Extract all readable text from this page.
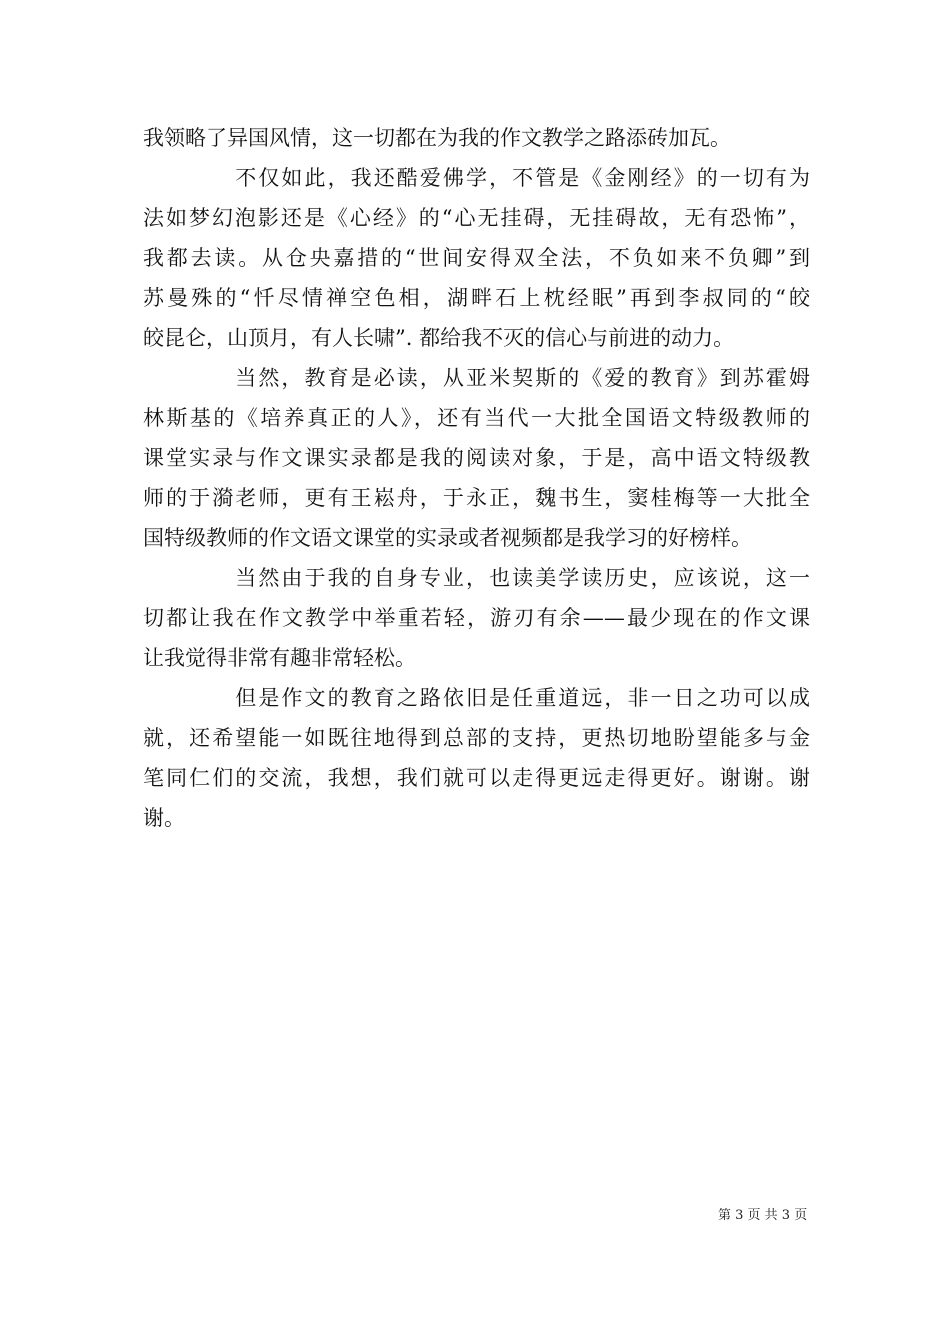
我领略了异国风情，这一切都在为我的作文教学之路添砖加瓦。
　　　　不仅如此，我还酷爱佛学，不管是《金刚经》的一切有为
法如梦幻泡影还是《心经》的“心无挂碍，无挂碍故，无有恐怖”，
我都去读。从仓央嘉措的“世间安得双全法，不负如来不负卿”到
苏曼殊的“忏尽情禅空色相，湖畔石上枕经眠”再到李叔同的“皎
皎昆仑，山顶月，有人长啸”. 都给我不灭的信心与前进的动力。
　　　　当然，教育是必读，从亚米契斯的《爱的教育》到苏霍姆
林斯基的《培养真正的人》，还有当代一大批全国语文特级教师的
课堂实录与作文课实录都是我的阅读对象，于是，高中语文特级教
师的于漪老师，更有王崧舟，于永正，魏书生，窦桂梅等一大批全
国特级教师的作文语文课堂的实录或者视频都是我学习的好榜样。
　　　　当然由于我的自身专业，也读美学读历史，应该说，这一
切都让我在作文教学中举重若轻，游刃有余——最少现在的作文课
让我觉得非常有趣非常轻松。
　　　　但是作文的教育之路依旧是任重道远，非一日之功可以成
就，还希望能一如既往地得到总部的支持，更热切地盼望能多与金
笔同仁们的交流，我想，我们就可以走得更远走得更好。谢谢。谢
谢。
第 3 页 共 3 页
